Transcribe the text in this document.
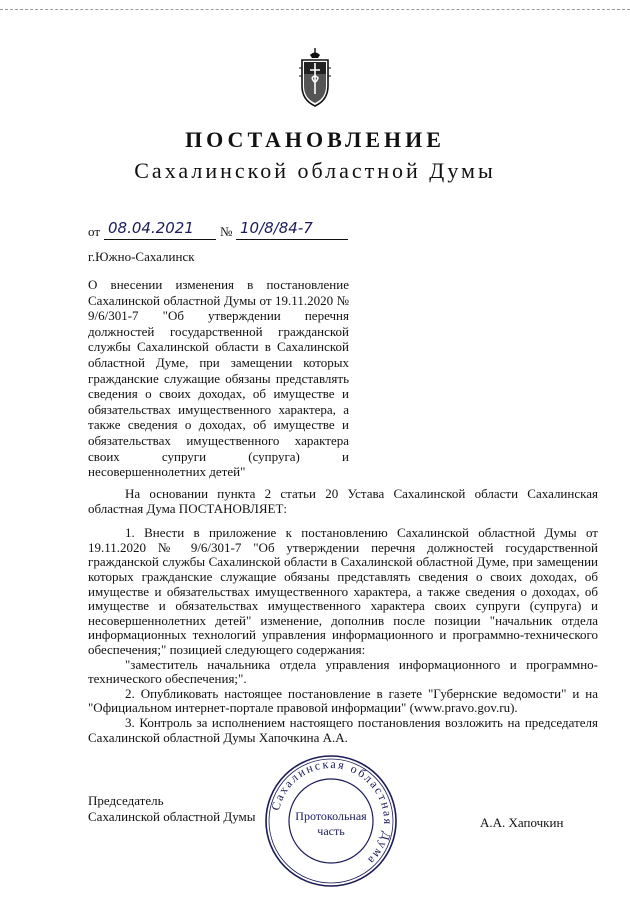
ПОСТАНОВЛЕНИЕ
Сахалинской областной Думы
от 08.04.2021 № 10/8/84-7
г.Южно-Сахалинск
О внесении изменения в постановление Сахалинской областной Думы от 19.11.2020 № 9/6/301-7 "Об утверждении перечня должностей государственной гражданской службы Сахалинской области в Сахалинской областной Думе, при замещении которых гражданские служащие обязаны представлять сведения о своих доходах, об имуществе и обязательствах имущественного характера, а также сведения о доходах, об имуществе и обязательствах имущественного характера своих супруги (супруга) и несовершеннолетних детей"

На основании пункта 2 статьи 20 Устава Сахалинской области Сахалинская областная Дума ПОСТАНОВЛЯЕТ:

1. Внести в приложение к постановлению Сахалинской областной Думы от 19.11.2020 № 9/6/301-7 "Об утверждении перечня должностей государственной гражданской службы Сахалинской области в Сахалинской областной Думе, при замещении которых гражданские служащие обязаны представлять сведения о своих доходах, об имуществе и обязательствах имущественного характера, а также сведения о доходах, об имуществе и обязательствах имущественного характера своих супруги (супруга) и несовершеннолетних детей" изменение, дополнив после позиции "начальник отдела информационных технологий управления информационного и программно-технического обеспечения;" позицией следующего содержания:

"заместитель начальника отдела управления информационного и программно-технического обеспечения;".

2. Опубликовать настоящее постановление в газете "Губернские ведомости" и на "Официальном интернет-портале правовой информации" (www.pravo.gov.ru).

3. Контроль за исполнением настоящего постановления возложить на председателя Сахалинской областной Думы Хапочкина А.А.

Председатель
Сахалинской областной Думы	А.А. Хапочкин
Сахалинская областная Дума
Протокольная
часть
